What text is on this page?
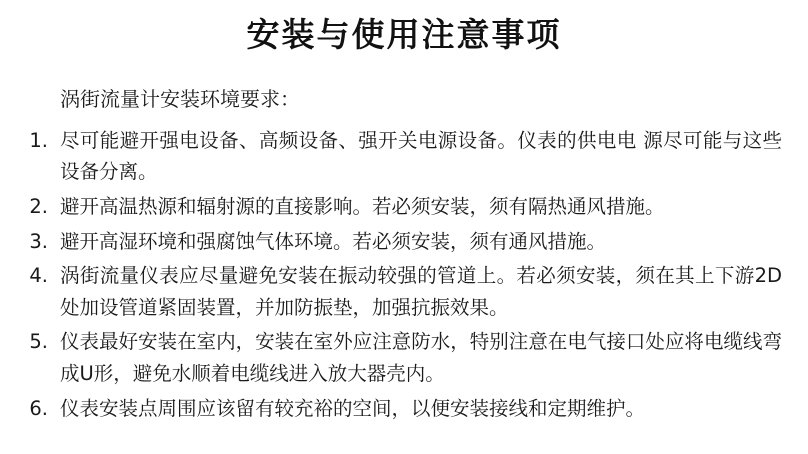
安装与使用注意事项

涡街流量计安装环境要求：

1. 尽可能避开强电设备、高频设备、强开关电源设备。仪表的供电电 源尽可能与这些设备分离。
2. 避开高温热源和辐射源的直接影响。若必须安装，须有隔热通风措施。
3. 避开高湿环境和强腐蚀气体环境。若必须安装，须有通风措施。
4. 涡街流量仪表应尽量避免安装在振动较强的管道上。若必须安装，须在其上下游2D处加设管道紧固装置，并加防振垫，加强抗振效果。
5. 仪表最好安装在室内，安装在室外应注意防水，特别注意在电气接口处应将电缆线弯成U形，避免水顺着电缆线进入放大器壳内。
6. 仪表安装点周围应该留有较充裕的空间，以便安装接线和定期维护。
